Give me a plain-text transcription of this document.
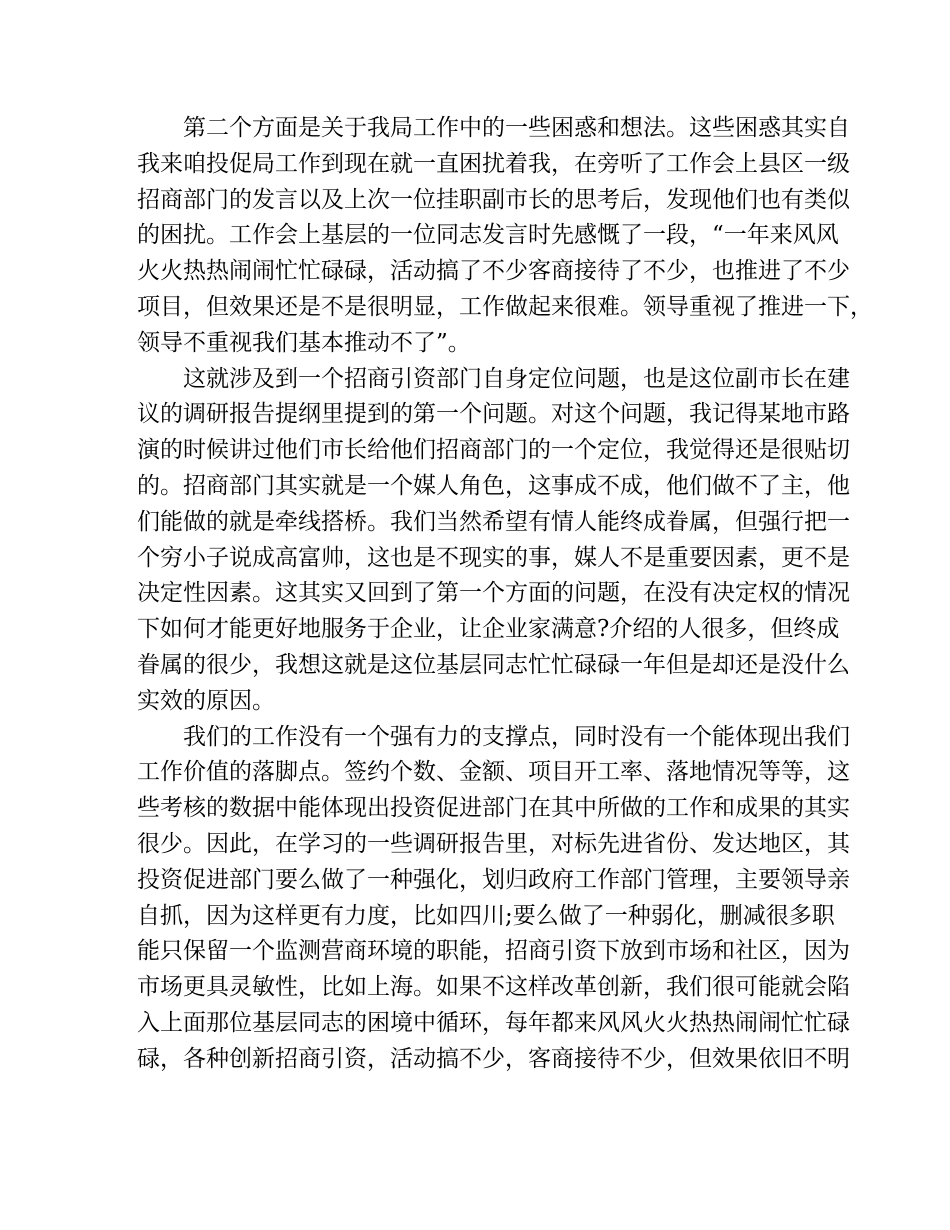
第二个方面是关于我局工作中的一些困惑和想法。这些困惑其实自
我来咱投促局工作到现在就一直困扰着我，在旁听了工作会上县区一级
招商部门的发言以及上次一位挂职副市长的思考后，发现他们也有类似
的困扰。工作会上基层的一位同志发言时先感慨了一段，“一年来风风
火火热热闹闹忙忙碌碌，活动搞了不少客商接待了不少，也推进了不少
项目，但效果还是不是很明显，工作做起来很难。领导重视了推进一下，
领导不重视我们基本推动不了”。
这就涉及到一个招商引资部门自身定位问题，也是这位副市长在建
议的调研报告提纲里提到的第一个问题。对这个问题，我记得某地市路
演的时候讲过他们市长给他们招商部门的一个定位，我觉得还是很贴切
的。招商部门其实就是一个媒人角色，这事成不成，他们做不了主，他
们能做的就是牵线搭桥。我们当然希望有情人能终成眷属，但强行把一
个穷小子说成高富帅，这也是不现实的事，媒人不是重要因素，更不是
决定性因素。这其实又回到了第一个方面的问题，在没有决定权的情况
下如何才能更好地服务于企业，让企业家满意?介绍的人很多，但终成
眷属的很少，我想这就是这位基层同志忙忙碌碌一年但是却还是没什么
实效的原因。
我们的工作没有一个强有力的支撑点，同时没有一个能体现出我们
工作价值的落脚点。签约个数、金额、项目开工率、落地情况等等，这
些考核的数据中能体现出投资促进部门在其中所做的工作和成果的其实
很少。因此，在学习的一些调研报告里，对标先进省份、发达地区，其
投资促进部门要么做了一种强化，划归政府工作部门管理，主要领导亲
自抓，因为这样更有力度，比如四川;要么做了一种弱化，删减很多职
能只保留一个监测营商环境的职能，招商引资下放到市场和社区，因为
市场更具灵敏性，比如上海。如果不这样改革创新，我们很可能就会陷
入上面那位基层同志的困境中循环，每年都来风风火火热热闹闹忙忙碌
碌，各种创新招商引资，活动搞不少，客商接待不少，但效果依旧不明
